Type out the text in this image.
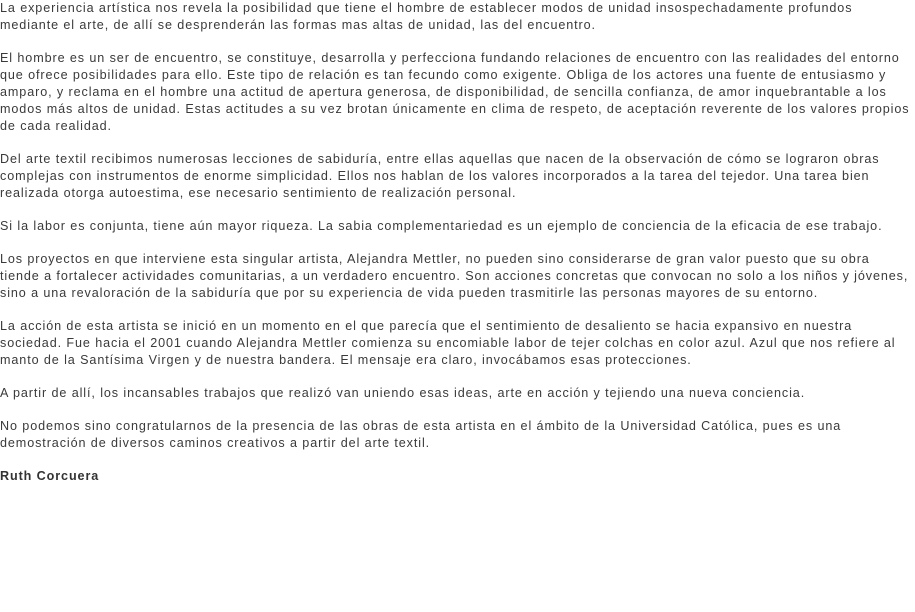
La experiencia artística nos revela la posibilidad que tiene el hombre de establecer modos de unidad insospechadamente profundos mediante el arte, de allí se desprenderán las formas mas altas de unidad, las del encuentro.

El hombre es un ser de encuentro, se constituye, desarrolla y perfecciona fundando relaciones de encuentro con las realidades del entorno que ofrece posibilidades para ello. Este tipo de relación es tan fecundo como exigente. Obliga de los actores una fuente de entusiasmo y amparo, y reclama en el hombre una actitud de apertura generosa, de disponibilidad, de sencilla confianza, de amor inquebrantable a los modos más altos de unidad. Estas actitudes a su vez brotan únicamente en clima de respeto, de aceptación reverente de los valores propios de cada realidad.

Del arte textil recibimos numerosas lecciones de sabiduría, entre ellas aquellas que nacen de la observación de cómo se lograron obras complejas con instrumentos de enorme simplicidad. Ellos nos hablan de los valores incorporados a la tarea del tejedor. Una tarea bien realizada otorga autoestima, ese necesario sentimiento de realización personal.

Si la labor es conjunta, tiene aún mayor riqueza. La sabia complementariedad es un ejemplo de conciencia de la eficacia de ese trabajo.

Los proyectos en que interviene esta singular artista, Alejandra Mettler, no pueden sino considerarse de gran valor puesto que su obra tiende a fortalecer actividades comunitarias, a un verdadero encuentro. Son acciones concretas que convocan no solo a los niños y jóvenes, sino a una revaloración de la sabiduría que por su experiencia de vida pueden trasmitirle las personas mayores de su entorno.

La acción de esta artista se inició en un momento en el que parecía que el sentimiento de desaliento se hacia expansivo en nuestra sociedad. Fue hacia el 2001 cuando Alejandra Mettler comienza su encomiable labor de tejer colchas en color azul. Azul que nos refiere al manto de la Santísima Virgen y de nuestra bandera. El mensaje era claro, invocábamos esas protecciones.

A partir de allí, los incansables trabajos que realizó van uniendo esas ideas, arte en acción y tejiendo una nueva conciencia.

No podemos sino congratularnos de la presencia de las obras de esta artista en el ámbito de la Universidad Católica, pues es una demostración de diversos caminos creativos a partir del arte textil.

Ruth Corcuera
